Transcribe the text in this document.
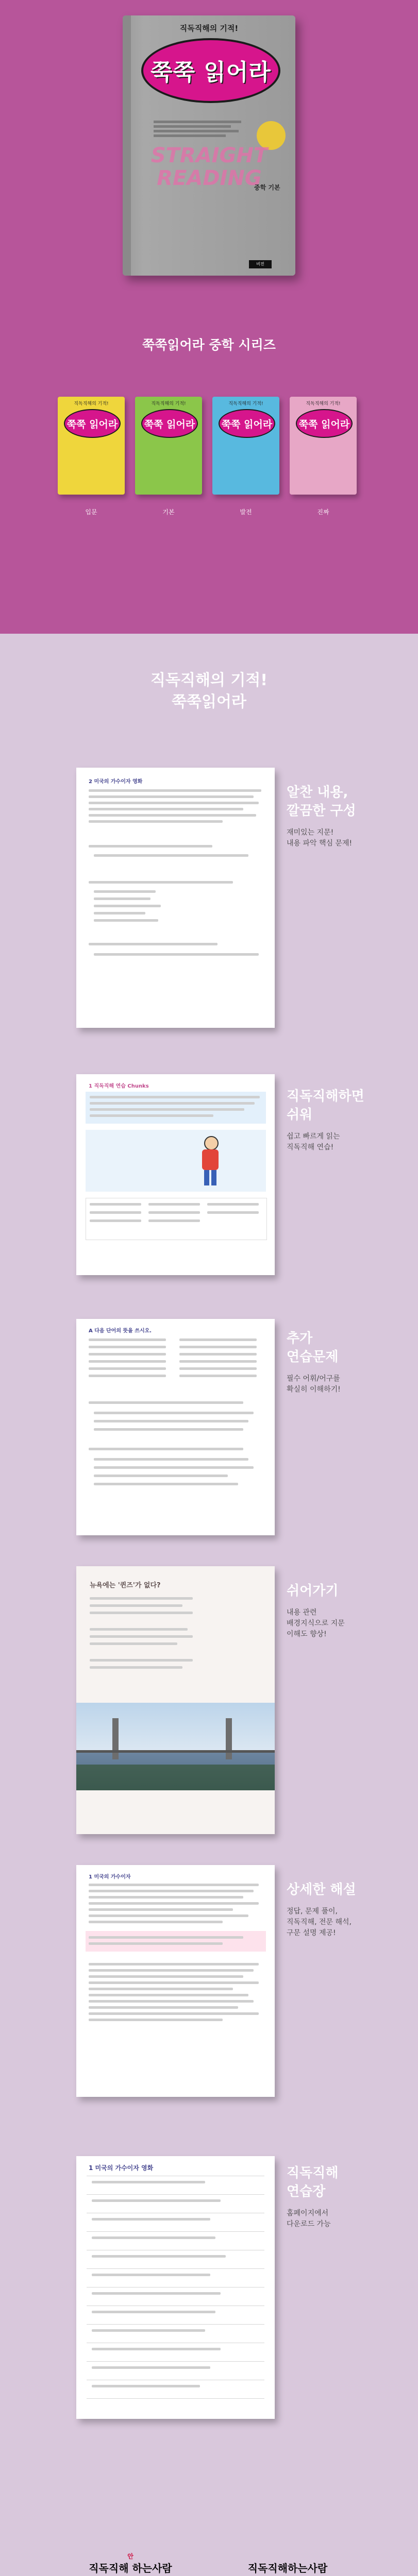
직독직해의 기적!
쭉쭉 읽어라
STRAIGHT READING
중학 기본
비전
쭉쭉읽어라 중학 시리즈
직독직해의 기적!
쭉쭉 읽어라
직독직해의 기적!
쭉쭉 읽어라
직독직해의 기적!
쭉쭉 읽어라
직독직해의 기적!
쭉쭉 읽어라
입문	기본	발전	진짜
직독직해의 기적!
쭉쭉읽어라
2 미국의 가수이자 영화
알찬 내용,
깔끔한 구성
재미있는 지문!
내용 파악 핵심 문제!
1 직독직해 연습 Chunks
직독직해하면
쉬워
쉽고 빠르게 읽는
직독직해 연습!
A 다음 단어의 뜻을 쓰시오.	추가
연습문제
필수 어휘/어구를
확실히 이해하기!
뉴욕에는 '퀸즈'가 없다?	쉬어가기
내용 관련
배경지식으로 지문
이해도 향상!
1 미국의 가수이자
상세한 해설
정답, 문제 풀이,
직독직해, 전문 해석,
구문 설명 제공!
1 미국의 가수이자 영화	직독직해
연습장
홈페이지에서
다운로드 가능
안
직독직해 하는사람	직독직해하는사람
